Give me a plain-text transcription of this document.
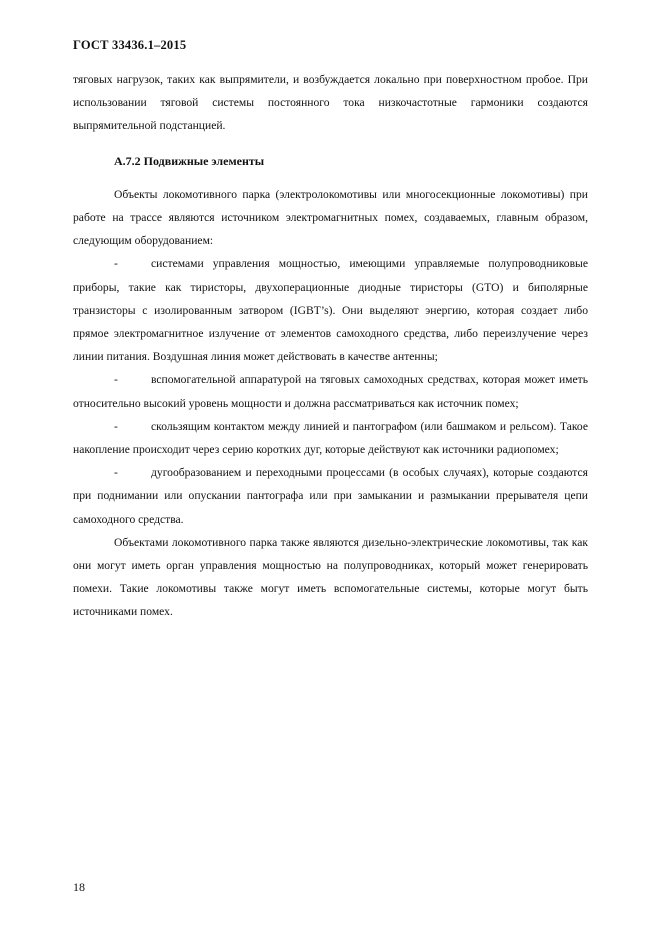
ГОСТ 33436.1–2015

тяговых нагрузок, таких как выпрямители, и возбуждается локально при поверхностном пробое. При использовании тяговой системы постоянного тока низкочастотные гармоники создаются выпрямительной подстанцией.

А.7.2 Подвижные элементы

Объекты локомотивного парка (электролокомотивы или многосекционные локомотивы) при работе на трассе являются источником электромагнитных помех, создаваемых, главным образом, следующим оборудованием:

-	системами управления мощностью, имеющими управляемые полупроводниковые приборы, такие как тиристоры, двухоперационные диодные тиристоры (GTO) и биполярные транзисторы с изолированным затвором (IGBT’s). Они выделяют энергию, которая создает либо прямое электромагнитное излучение от элементов самоходного средства, либо переизлучение через линии питания. Воздушная линия может действовать в качестве антенны;

-	вспомогательной аппаратурой на тяговых самоходных средствах, которая может иметь относительно высокий уровень мощности и должна рассматриваться как источник помех;

-	скользящим контактом между линией и пантографом (или башмаком и рельсом). Такое накопление происходит через серию коротких дуг, которые действуют как источники радиопомех;

-	дугообразованием и переходными процессами (в особых случаях), которые создаются при поднимании или опускании пантографа или при замыкании и размыкании прерывателя цепи самоходного средства.

Объектами локомотивного парка также являются дизельно-электрические локомотивы, так как они могут иметь орган управления мощностью на полупроводниках, который может генерировать помехи. Такие локомотивы также могут иметь вспомогательные системы, которые могут быть источниками помех.

18
